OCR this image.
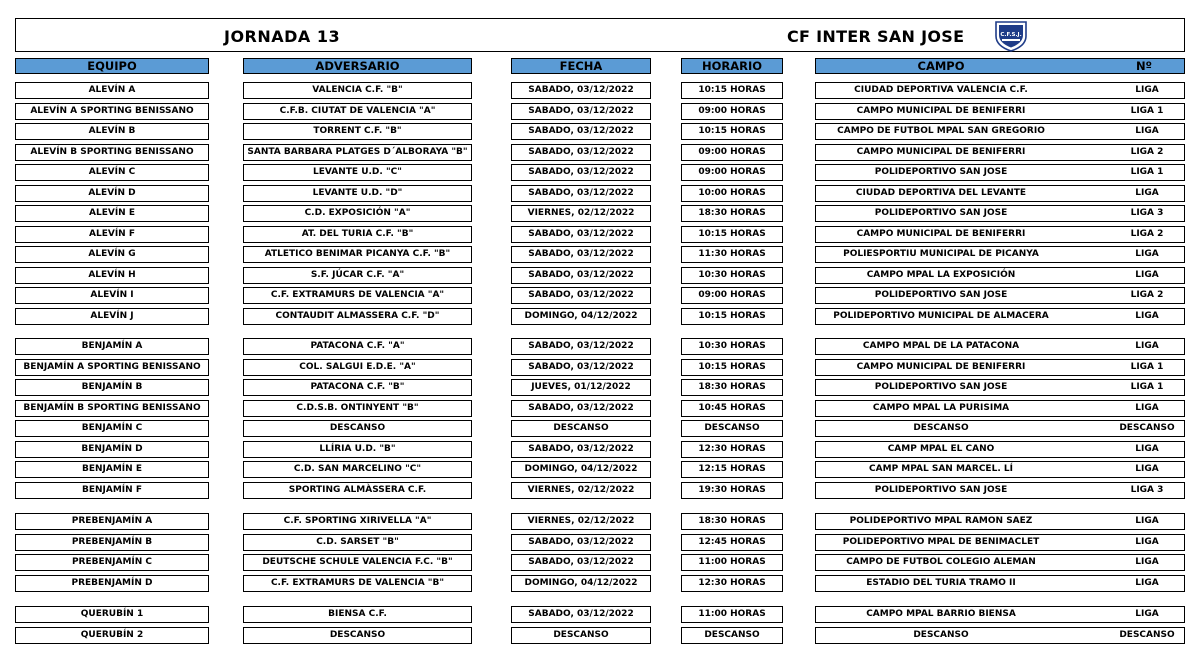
JORNADA 13	CF INTER SAN JOSE	C.F.S.J.
EQUIPO	ADVERSARIO	FECHA	HORARIO	CAMPO	Nº
ALEVÍN A	VALENCIA C.F. "B"	SABADO, 03/12/2022	10:15 HORAS	CIUDAD DEPORTIVA VALENCIA C.F.	LIGA
ALEVÍN A SPORTING BENISSANO	C.F.B. CIUTAT DE VALENCIA "A"	SABADO, 03/12/2022	09:00 HORAS	CAMPO MUNICIPAL DE BENIFERRI	LIGA 1
ALEVÍN B	TORRENT C.F. "B"	SABADO, 03/12/2022	10:15 HORAS	CAMPO DE FUTBOL MPAL SAN GREGORIO	LIGA
ALEVÍN B SPORTING BENISSANO	SANTA BARBARA PLATGES D´ALBORAYA "B"	SABADO, 03/12/2022	09:00 HORAS	CAMPO MUNICIPAL DE BENIFERRI	LIGA 2
ALEVÍN C	LEVANTE U.D. "C"	SABADO, 03/12/2022	09:00 HORAS	POLIDEPORTIVO SAN JOSE	LIGA 1
ALEVÍN D	LEVANTE U.D. "D"	SABADO, 03/12/2022	10:00 HORAS	CIUDAD DEPORTIVA DEL LEVANTE	LIGA
ALEVÍN E	C.D. EXPOSICIÓN "A"	VIERNES, 02/12/2022	18:30 HORAS	POLIDEPORTIVO SAN JOSE	LIGA 3
ALEVÍN F	AT. DEL TURIA C.F. "B"	SABADO, 03/12/2022	10:15 HORAS	CAMPO MUNICIPAL DE BENIFERRI	LIGA 2
ALEVÍN G	ATLETICO BENIMAR PICANYA C.F. "B"	SABADO, 03/12/2022	11:30 HORAS	POLIESPORTIU MUNICIPAL DE PICANYA	LIGA
ALEVÍN H	S.F. JÚCAR C.F. "A"	SABADO, 03/12/2022	10:30 HORAS	CAMPO MPAL LA EXPOSICIÓN	LIGA
ALEVÍN I	C.F. EXTRAMURS DE VALENCIA "A"	SABADO, 03/12/2022	09:00 HORAS	POLIDEPORTIVO SAN JOSE	LIGA 2
ALEVÍN J	CONTAUDIT ALMASSERA C.F. "D"	DOMINGO, 04/12/2022	10:15 HORAS	POLIDEPORTIVO MUNICIPAL DE ALMACERA	LIGA
BENJAMÍN A	PATACONA C.F. "A"	SABADO, 03/12/2022	10:30 HORAS	CAMPO MPAL DE LA PATACONA	LIGA
BENJAMÍN A SPORTING BENISSANO	COL. SALGUI E.D.E. "A"	SABADO, 03/12/2022	10:15 HORAS	CAMPO MUNICIPAL DE BENIFERRI	LIGA 1
BENJAMÍN B	PATACONA C.F. "B"	JUEVES, 01/12/2022	18:30 HORAS	POLIDEPORTIVO SAN JOSE	LIGA 1
BENJAMÍN B SPORTING BENISSANO	C.D.S.B. ONTINYENT "B"	SABADO, 03/12/2022	10:45 HORAS	CAMPO MPAL LA PURISIMA	LIGA
BENJAMÍN C	DESCANSO	DESCANSO	DESCANSO	DESCANSO	DESCANSO
BENJAMÍN D	LLÍRIA U.D. "B"	SABADO, 03/12/2022	12:30 HORAS	CAMP MPAL EL CANO	LIGA
BENJAMÍN E	C.D. SAN MARCELINO "C"	DOMINGO, 04/12/2022	12:15 HORAS	CAMP MPAL SAN MARCEL. LÍ	LIGA
BENJAMÍN F	SPORTING ALMÀSSERA C.F.	VIERNES, 02/12/2022	19:30 HORAS	POLIDEPORTIVO SAN JOSE	LIGA 3
PREBENJAMÍN A	C.F. SPORTING XIRIVELLA "A"	VIERNES, 02/12/2022	18:30 HORAS	POLIDEPORTIVO MPAL RAMON SAEZ	LIGA
PREBENJAMÍN B	C.D. SARSET "B"	SABADO, 03/12/2022	12:45 HORAS	POLIDEPORTIVO MPAL DE BENIMACLET	LIGA
PREBENJAMÍN C	DEUTSCHE SCHULE VALENCIA F.C. "B"	SABADO, 03/12/2022	11:00 HORAS	CAMPO DE FUTBOL COLEGIO ALEMAN	LIGA
PREBENJAMÍN D	C.F. EXTRAMURS DE VALENCIA "B"	DOMINGO, 04/12/2022	12:30 HORAS	ESTADIO DEL TURIA TRAMO II	LIGA
QUERUBÍN 1	BIENSA C.F.	SABADO, 03/12/2022	11:00 HORAS	CAMPO MPAL BARRIO BIENSA	LIGA
QUERUBÍN 2	DESCANSO	DESCANSO	DESCANSO	DESCANSO	DESCANSO
